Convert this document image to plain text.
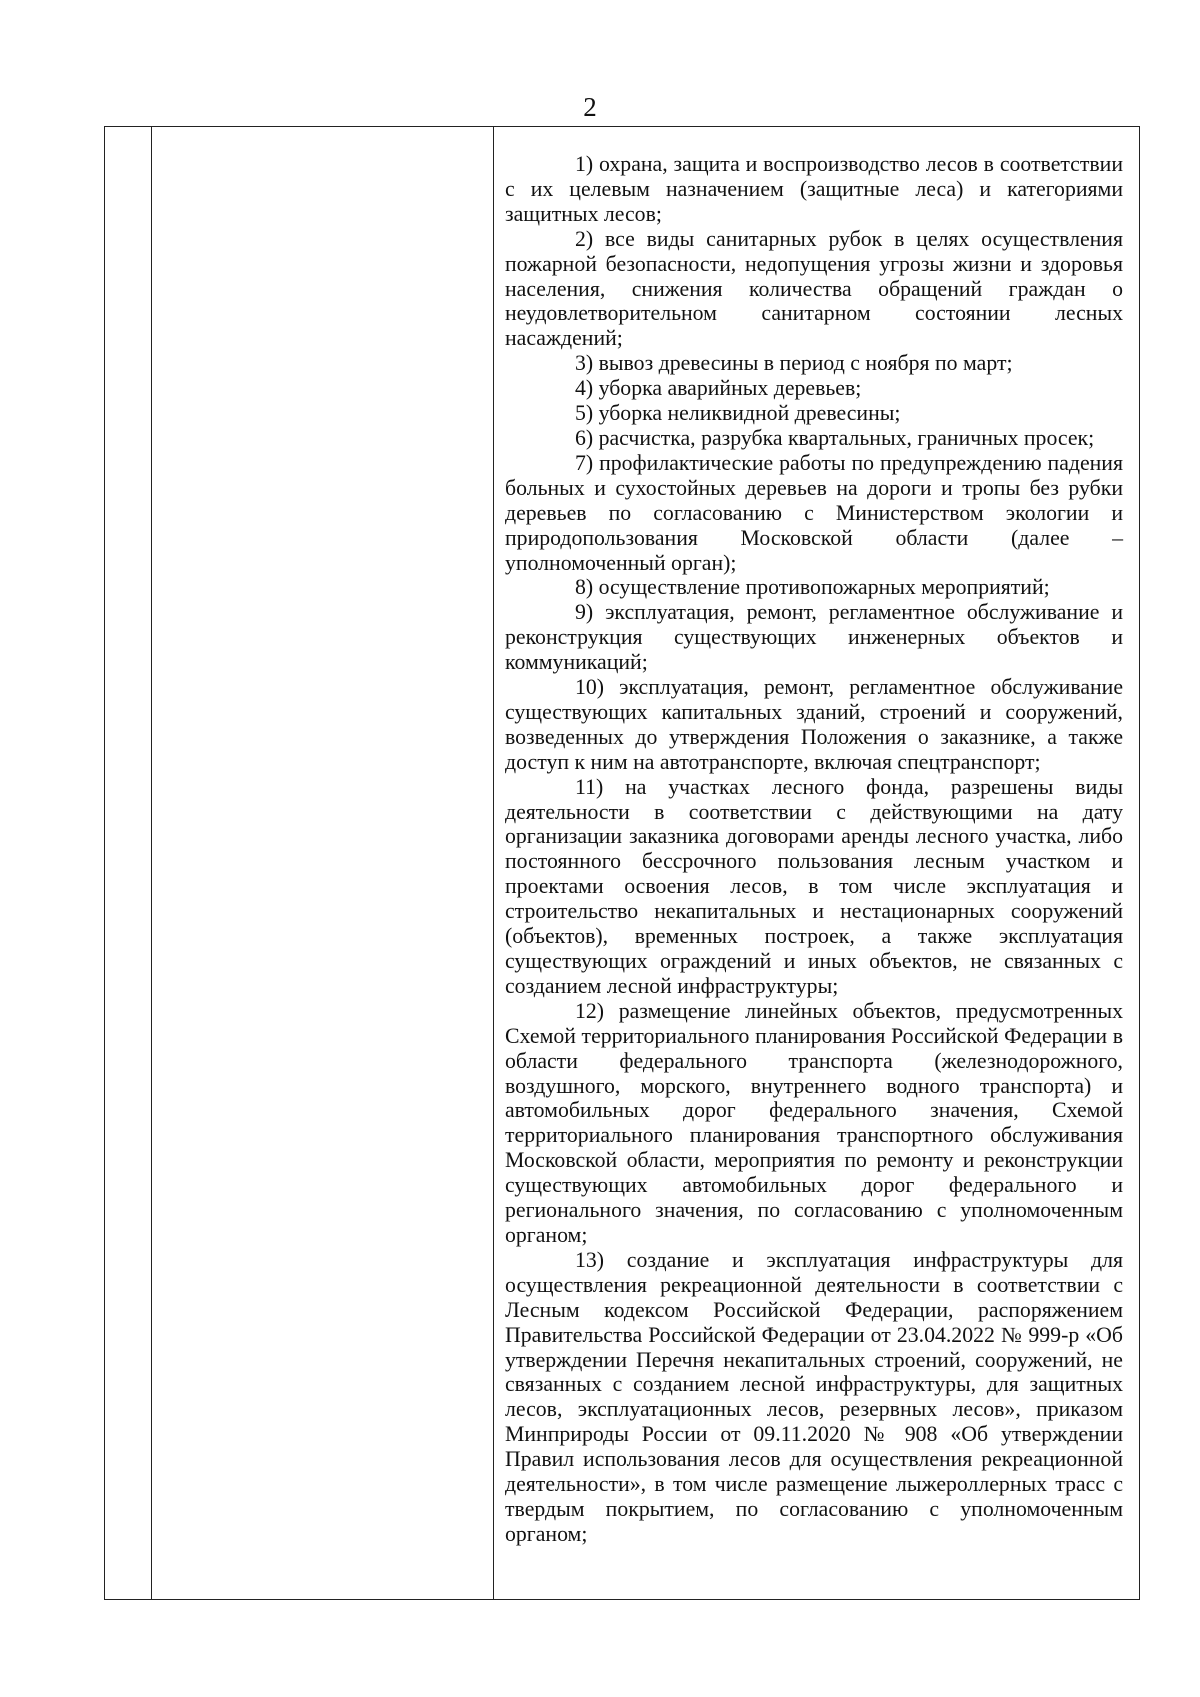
2

1) охрана, защита и воспроизводство лесов в соответствии с их целевым назначением (защитные леса) и категориями защитных лесов;

2) все виды санитарных рубок в целях осуществления пожарной безопасности, недопущения угрозы жизни и здоровья населения, снижения количества обращений граждан о неудовлетворительном санитарном состоянии лесных насаждений;

3) вывоз древесины в период с ноября по март;

4) уборка аварийных деревьев;

5) уборка неликвидной древесины;

6) расчистка, разрубка квартальных, граничных просек;

7) профилактические работы по предупреждению падения больных и сухостойных деревьев на дороги и тропы без рубки деревьев по согласованию с Министерством экологии и природопользования Московской области (далее – уполномоченный орган);

8) осуществление противопожарных мероприятий;

9) эксплуатация, ремонт, регламентное обслуживание и реконструкция существующих инженерных объектов и коммуникаций;

10) эксплуатация, ремонт, регламентное обслуживание существующих капитальных зданий, строений и сооружений, возведенных до утверждения Положения о заказнике, а также доступ к ним на автотранспорте, включая спецтранспорт;

11) на участках лесного фонда, разрешены виды деятельности в соответствии с действующими на дату организации заказника договорами аренды лесного участка, либо постоянного бессрочного пользования лесным участком и проектами освоения лесов, в том числе эксплуатация и строительство некапитальных и нестационарных сооружений (объектов), временных построек, а также эксплуатация существующих ограждений и иных объектов, не связанных с созданием лесной инфраструктуры;

12) размещение линейных объектов, предусмотренных Схемой территориального планирования Российской Федерации в области федерального транспорта (железнодорожного, воздушного, морского, внутреннего водного транспорта) и автомобильных дорог федерального значения, Схемой территориального планирования транспортного обслуживания Московской области, мероприятия по ремонту и реконструкции существующих автомобильных дорог федерального и регионального значения, по согласованию с уполномоченным органом;

13) создание и эксплуатация инфраструктуры для осуществления рекреационной деятельности в соответствии с Лесным кодексом Российской Федерации, распоряжением Правительства Российской Федерации от 23.04.2022 № 999-р «Об утверждении Перечня некапитальных строений, сооружений, не связанных с созданием лесной инфраструктуры, для защитных лесов, эксплуатационных лесов, резервных лесов», приказом Минприроды России от 09.11.2020 № 908 «Об утверждении Правил использования лесов для осуществления рекреационной деятельности», в том числе размещение лыжероллерных трасс с твердым покрытием, по согласованию с уполномоченным органом;
